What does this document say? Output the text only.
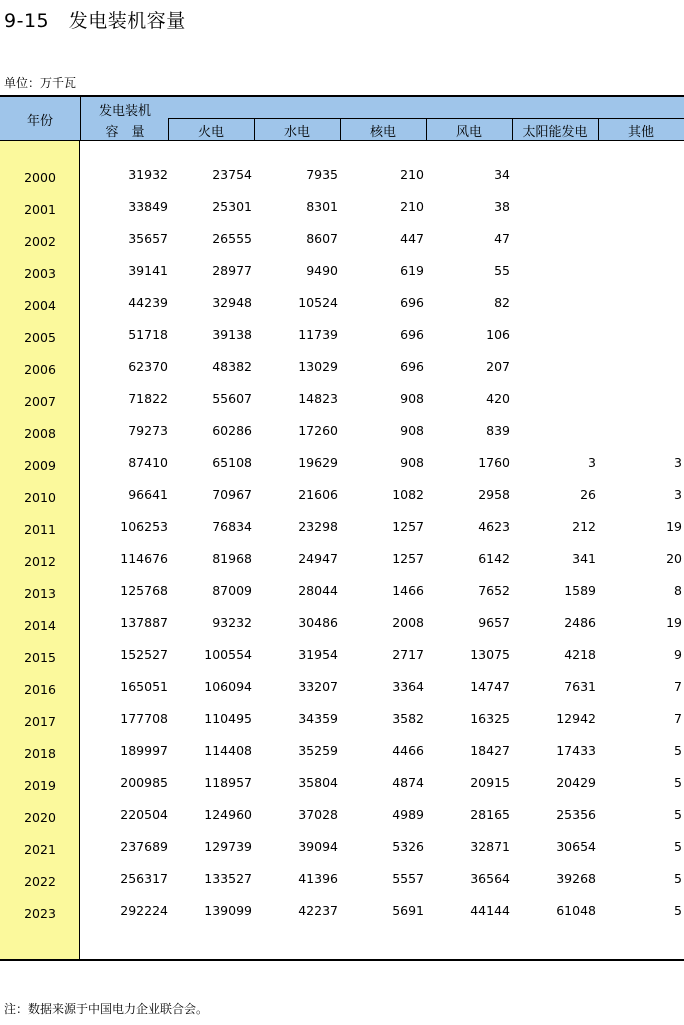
9-15   发电装机容量
单位：万千瓦
年份
发电装机
容　量	火电	水电	核电	风电	太阳能发电	其他
2000	31932	23754	7935	210	34
2001	33849	25301	8301	210	38
2002	35657	26555	8607	447	47
2003	39141	28977	9490	619	55
2004	44239	32948	10524	696	82
2005	51718	39138	11739	696	106
2006	62370	48382	13029	696	207
2007	71822	55607	14823	908	420
2008	79273	60286	17260	908	839
2009	87410	65108	19629	908	1760	3	3
2010	96641	70967	21606	1082	2958	26	3
2011	106253	76834	23298	1257	4623	212	19
2012	114676	81968	24947	1257	6142	341	20
2013	125768	87009	28044	1466	7652	1589	8
2014	137887	93232	30486	2008	9657	2486	19
2015	152527	100554	31954	2717	13075	4218	9
2016	165051	106094	33207	3364	14747	7631	7
2017	177708	110495	34359	3582	16325	12942	7
2018	189997	114408	35259	4466	18427	17433	5
2019	200985	118957	35804	4874	20915	20429	5
2020	220504	124960	37028	4989	28165	25356	5
2021	237689	129739	39094	5326	32871	30654	5
2022	256317	133527	41396	5557	36564	39268	5
2023	292224	139099	42237	5691	44144	61048	5
注：数据来源于中国电力企业联合会。
